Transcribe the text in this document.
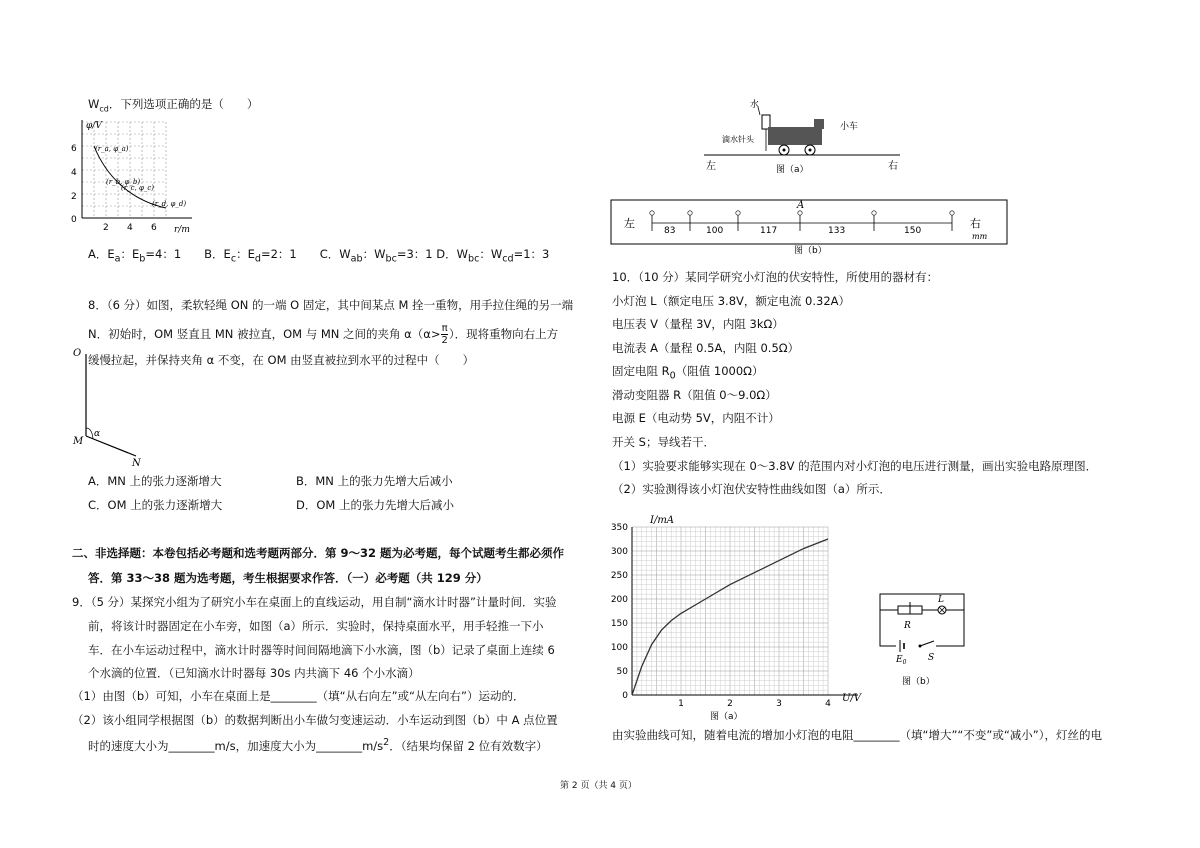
$W_{cd}$．下列选项正确的是（　　）
φ/V
r/m
6
4
2
0
2 4 6
(r_a, φ_a)
(r_b, φ_b)
(r_c, φ_c)
(r_d, φ_d)
A．$E_a$：$E_b=4$：1　　B．$E_c$：$E_d=2$：1　　C．$W_{ab}$：$W_{bc}=3$：1 D．$W_{bc}$：$W_{cd}=1$：3
8．（6 分）如图，柔软轻绳 ON 的一端 O 固定，其中间某点 M 拴一重物，用手拉住绳的另一端
N．初始时，OM 竖直且 MN 被拉直，OM 与 MN 之间的夹角 $\alpha(\alpha> \frac{\pi}{2}$ ）．现将重物向右上方
缓慢拉起，并保持夹角 α 不变，在 OM 由竖直被拉到水平的过程中（　　）
O
M
N
α
A．MN 上的张力逐渐增大	B．MN 上的张力先增大后减小
C．OM 上的张力逐渐增大	D．OM 上的张力先增大后减小
二、非选择题：本卷包括必考题和选考题两部分．第 9～32 题为必考题，每个试题考生都必须作
答．第 33～38 题为选考题，考生根据要求作答．（一）必考题（共 129 分）
9．（5 分）某探究小组为了研究小车在桌面上的直线运动，用自制“滴水计时器”计量时间．实验
前，将该计时器固定在小车旁，如图（a）所示．实验时，保持桌面水平，用手轻推一下小
车．在小车运动过程中，滴水计时器等时间间隔地滴下小水滴，图（b）记录了桌面上连续 6
个水滴的位置．（已知滴水计时器每 30s 内共滴下 46 个小水滴）
（1）由图（b）可知，小车在桌面上是________（填“从右向左”或“从左向右”）运动的．
（2）该小组同学根据图（b）的数据判断出小车做匀变速运动．小车运动到图（b）中 A 点位置
时的速度大小为________m/s，加速度大小为$\_\_\_\_\_\_\_\_m/s^2$．（结果均保留 2 位有效数字）
水
滴水针头
小车
左	右
图（a）
左	右
mm
A
83	100	117	133	150
图（b）
10．（10 分）某同学研究小灯泡的伏安特性，所使用的器材有：
小灯泡 L（额定电压 3.8V，额定电流 0.32A）
电压表 V（量程 3V，内阻 3kΩ）
电流表 A（量程 0.5A，内阻 0.5Ω）
固定电阻 $R_0$（阻值 1000Ω）
滑动变阻器 R（阻值 0～9.0Ω）
电源 E（电动势 5V，内阻不计）
开关 S；导线若干．
（1）实验要求能够实现在 0～3.8V 的范围内对小灯泡的电压进行测量，画出实验电路原理图．
（2）实验测得该小灯泡伏安特性曲线如图（a）所示．
0
50
100
150
200
250
300
350
1	2	3	4
I/mA
U/V
图（a）
R
L
$E_0$ S
图（b）
由实验曲线可知，随着电流的增加小灯泡的电阻________（填“增大”“不变”或“减小”），灯丝的电
第 2 页（共 4 页）
